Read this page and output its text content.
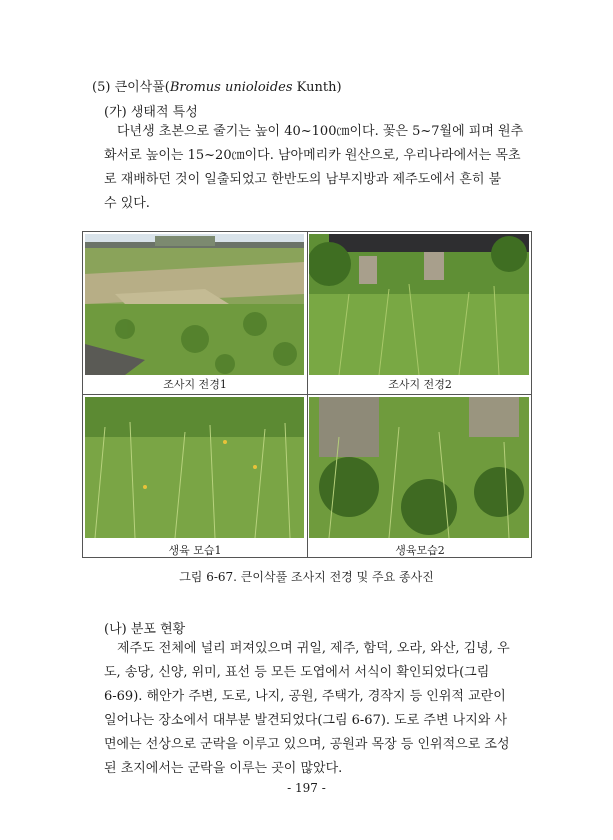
(5) 큰이삭풀(Bromus unioloides Kunth)
(가) 생태적 특성
다년생 초본으로 줄기는 높이 40~100㎝이다. 꽃은 5~7월에 피며 원추
화서로 높이는 15~20㎝이다. 남아메리카 원산으로, 우리나라에서는 목초
로 재배하던 것이 일출되었고 한반도의 남부지방과 제주도에서 흔히 불
수 있다.
조사지 전경1	조사지 전경2
생육 모습1	생육모습2
그림 6-67. 큰이삭풀 조사지 전경 및 주요 종사진
(나) 분포 현황
제주도 전체에 널리 퍼져있으며 귀일, 제주, 함덕, 오라, 와산, 김녕, 우
도, 송당, 신양, 위미, 표선 등 모든 도엽에서 서식이 확인되었다(그림
6-69). 해안가 주변, 도로, 나지, 공원, 주택가, 경작지 등 인위적 교란이
일어나는 장소에서 대부분 발견되었다(그림 6-67). 도로 주변 나지와 사
면에는 선상으로 군락을 이루고 있으며, 공원과 목장 등 인위적으로 조성
된 초지에서는 군락을 이루는 곳이 많았다.
- 197 -
